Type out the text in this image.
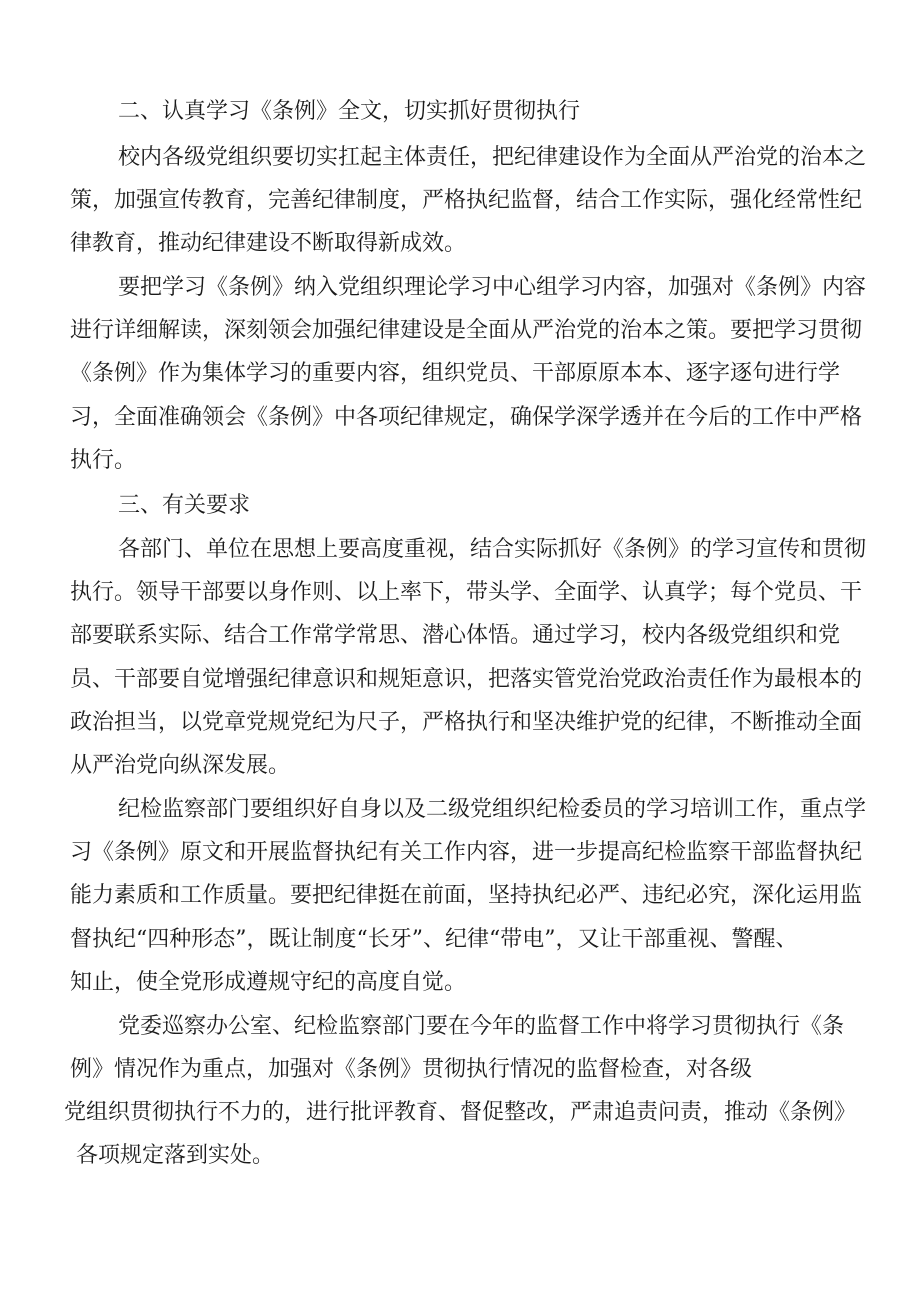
二、认真学习《条例》全文，切实抓好贯彻执行
校内各级党组织要切实扛起主体责任，把纪律建设作为全面从严治党的治本之
策，加强宣传教育，完善纪律制度，严格执纪监督，结合工作实际，强化经常性纪
律教育，推动纪律建设不断取得新成效。
要把学习《条例》纳入党组织理论学习中心组学习内容，加强对《条例》内容
进行详细解读，深刻领会加强纪律建设是全面从严治党的治本之策。要把学习贯彻
《条例》作为集体学习的重要内容，组织党员、干部原原本本、逐字逐句进行学
习，全面准确领会《条例》中各项纪律规定，确保学深学透并在今后的工作中严格
执行。
三、有关要求
各部门、单位在思想上要高度重视，结合实际抓好《条例》的学习宣传和贯彻
执行。领导干部要以身作则、以上率下，带头学、全面学、认真学；每个党员、干
部要联系实际、结合工作常学常思、潜心体悟。通过学习，校内各级党组织和党
员、干部要自觉增强纪律意识和规矩意识，把落实管党治党政治责任作为最根本的
政治担当，以党章党规党纪为尺子，严格执行和坚决维护党的纪律，不断推动全面
从严治党向纵深发展。
纪检监察部门要组织好自身以及二级党组织纪检委员的学习培训工作，重点学
习《条例》原文和开展监督执纪有关工作内容，进一步提高纪检监察干部监督执纪
能力素质和工作质量。要把纪律挺在前面，坚持执纪必严、违纪必究，深化运用监
督执纪“四种形态”，既让制度“长牙”、纪律“带电”，又让干部重视、警醒、
知止，使全党形成遵规守纪的高度自觉。
党委巡察办公室、纪检监察部门要在今年的监督工作中将学习贯彻执行《条
例》情况作为重点，加强对《条例》贯彻执行情况的监督检查，对各级
党组织贯彻执行不力的，进行批评教育、督促整改，严肃追责问责，推动《条例》
各项规定落到实处。
